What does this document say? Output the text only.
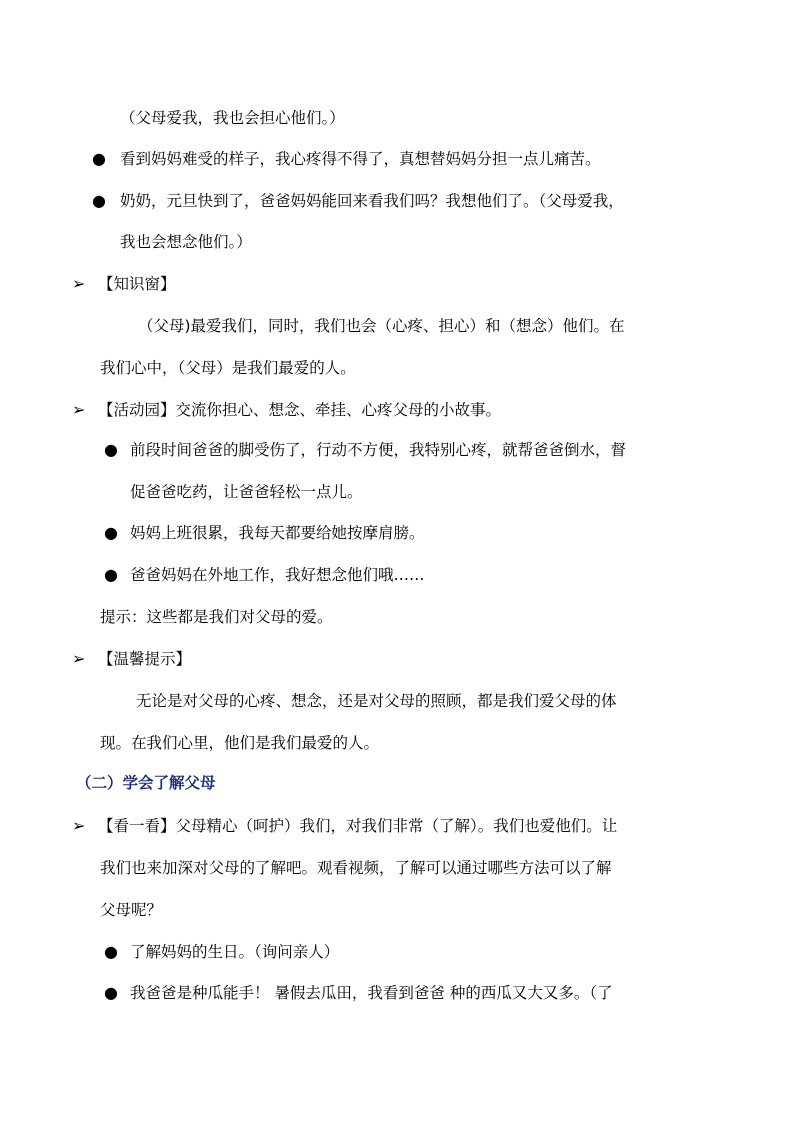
（父母爱我，我也会担心他们。）
● 看到妈妈难受的样子，我心疼得不得了，真想替妈妈分担一点儿痛苦。
● 奶奶，元旦快到了，爸爸妈妈能回来看我们吗？我想他们了。（父母爱我，
我也会想念他们。）
➢ 【知识窗】
（父母)最爱我们，同时，我们也会（心疼、担心）和（想念）他们。在
我们心中，（父母）是我们最爱的人。
➢ 【活动园】交流你担心、想念、牵挂、心疼父母的小故事。
● 前段时间爸爸的脚受伤了，行动不方便，我特别心疼，就帮爸爸倒水，督
促爸爸吃药，让爸爸轻松一点儿。
● 妈妈上班很累，我每天都要给她按摩肩膀。
● 爸爸妈妈在外地工作，我好想念他们哦……
提示：这些都是我们对父母的爱。
➢ 【温馨提示】
无论是对父母的心疼、想念，还是对父母的照顾，都是我们爱父母的体
现。在我们心里，他们是我们最爱的人。
（二）学会了解父母
➢ 【看一看】父母精心（呵护）我们，对我们非常（了解）。我们也爱他们。让
我们也来加深对父母的了解吧。观看视频，了解可以通过哪些方法可以了解
父母呢？
● 了解妈妈的生日。（询问亲人）
● 我爸爸是种瓜能手！ 暑假去瓜田，我看到爸爸 种的西瓜又大又多。（了
